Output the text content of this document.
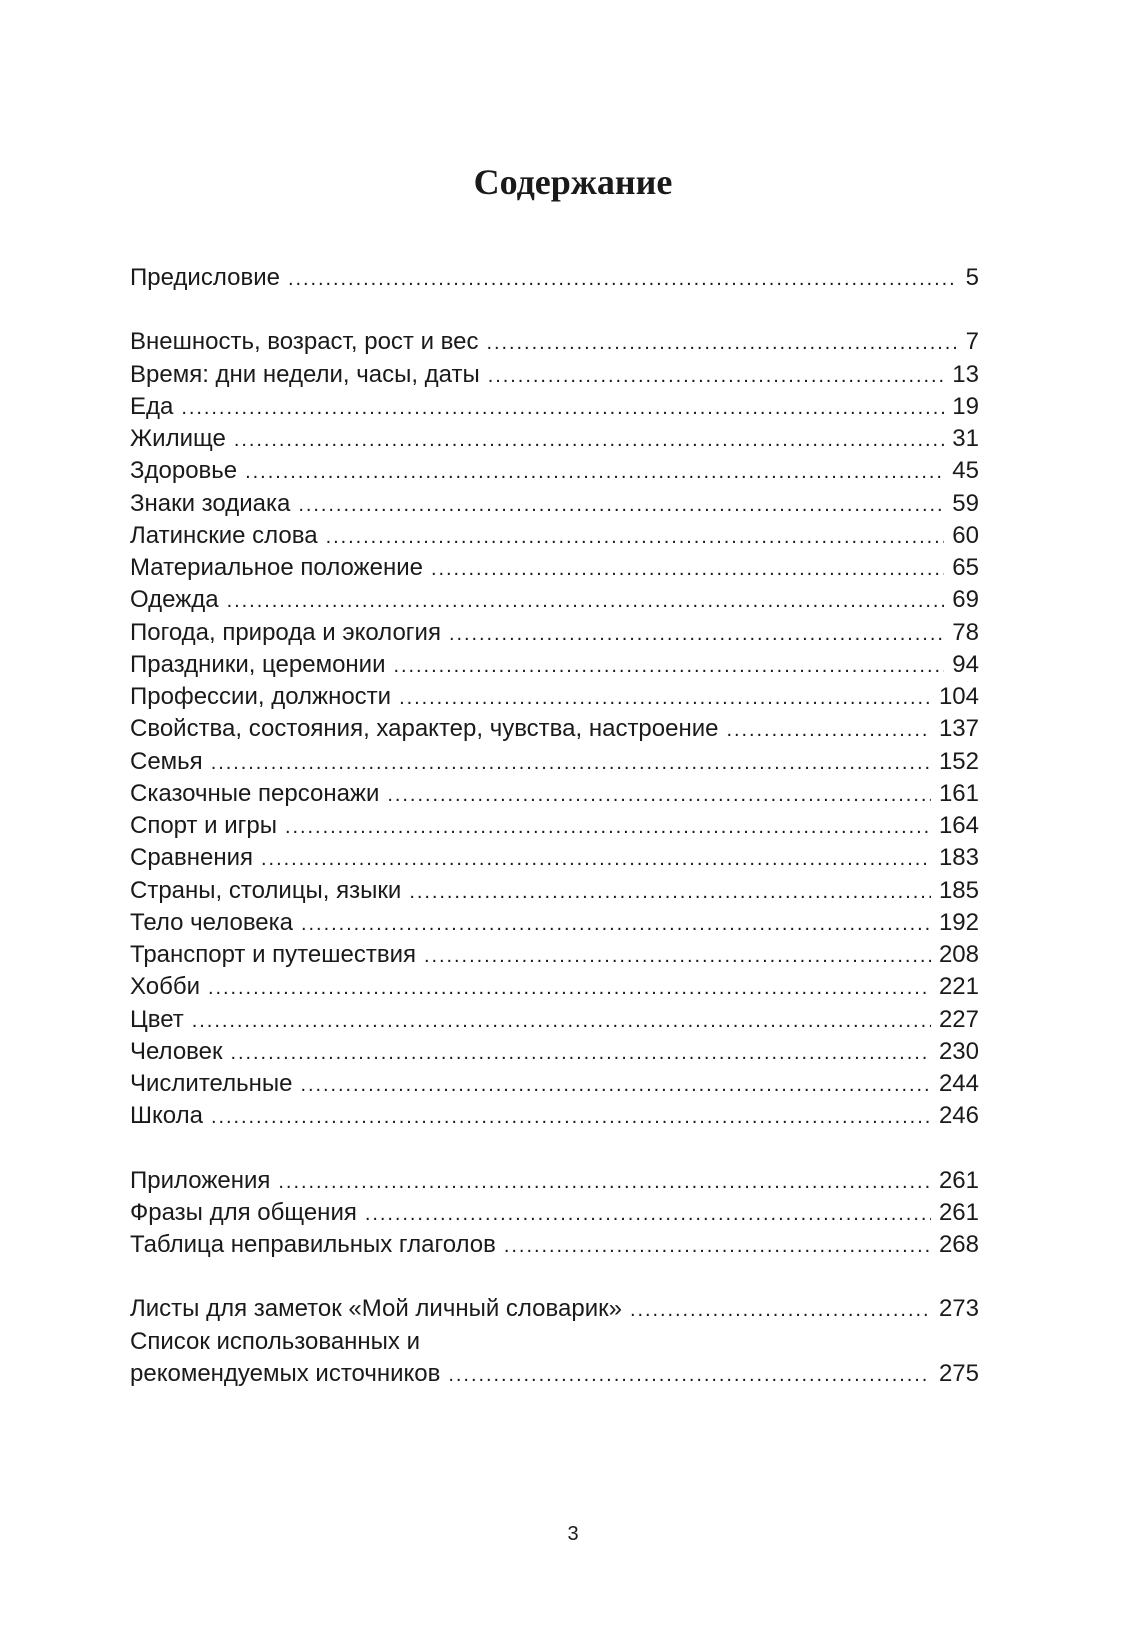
Содержание
Предисловие . . .	5
Внешность, возраст, рост и вес . . .	7
Время: дни недели, часы, даты . . .	13
Еда . . .	19
Жилище . . .	31
Здоровье . . .	45
Знаки зодиака . . .	59
Латинские слова . . .	60
Материальное положение . . .	65
Одежда . . .	69
Погода, природа и экология . . .	78
Праздники, церемонии . . .	94
Профессии, должности . . .	104
Свойства, состояния, характер, чувства, настроение . . .	137
Семья . . .	152
Сказочные персонажи . . .	161
Спорт и игры . . .	164
Сравнения . . .	183
Страны, столицы, языки . . .	185
Тело человека . . .	192
Транспорт и путешествия . . .	208
Хобби . . .	221
Цвет . . .	227
Человек . . .	230
Числительные . . .	244
Школа . . .	246
Приложения . . .	261
Фразы для общения . . .	261
Таблица неправильных глаголов . . .	268
Листы для заметок «Мой личный словарик» . . .	273
Список использованных и
рекомендуемых источников . . .	275
3
